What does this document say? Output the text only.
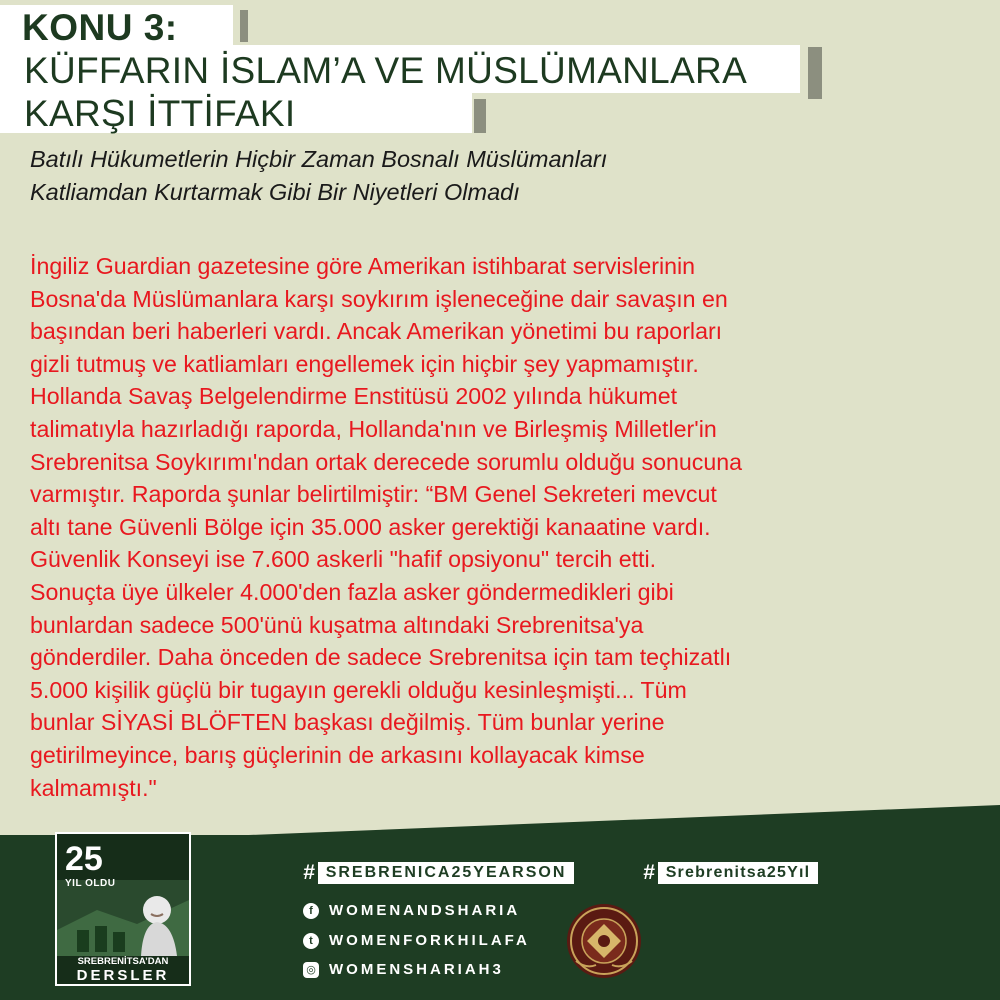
KONU 3:
KÜFFARIN İSLAM’A VE MÜSLÜMANLARA
KARŞI İTTİFAKI
Batılı Hükumetlerin Hiçbir Zaman Bosnalı Müslümanları
Katliamdan Kurtarmak Gibi Bir Niyetleri Olmadı
İngiliz Guardian gazetesine göre Amerikan istihbarat servislerinin
Bosna'da Müslümanlara karşı soykırım işleneceğine dair savaşın en
başından beri haberleri vardı. Ancak Amerikan yönetimi bu raporları
gizli tutmuş ve katliamları engellemek için hiçbir şey yapmamıştır.
Hollanda Savaş Belgelendirme Enstitüsü 2002 yılında hükumet
talimatıyla hazırladığı raporda, Hollanda'nın ve Birleşmiş Milletler'in
Srebrenitsa Soykırımı'ndan ortak derecede sorumlu olduğu sonucuna
varmıştır. Raporda şunlar belirtilmiştir: “BM Genel Sekreteri mevcut
altı tane Güvenli Bölge için 35.000 asker gerektiği kanaatine vardı.
Güvenlik Konseyi ise 7.600 askerli "hafif opsiyonu" tercih etti.
Sonuçta üye ülkeler 4.000'den fazla asker göndermedikleri gibi
bunlardan sadece 500'ünü kuşatma altındaki Srebrenitsa'ya
gönderdiler. Daha önceden de sadece Srebrenitsa için tam teçhizatlı
5.000 kişilik güçlü bir tugayın gerekli olduğu kesinleşmişti... Tüm
bunlar SİYASİ BLÖFTEN başkası değilmiş. Tüm bunlar yerine
getirilmeyince, barış güçlerinin de arkasını kollayacak kimse
kalmamıştı."
25
YIL OLDU
SREBRENİTSA’DAN
DERSLER
# SREBRENICA25YEARSON	# Srebrenitsa25Yıl
f	WOMENANDSHARIA
t	WOMENFORKHILAFA
◎ WOMENSHARIAH3
